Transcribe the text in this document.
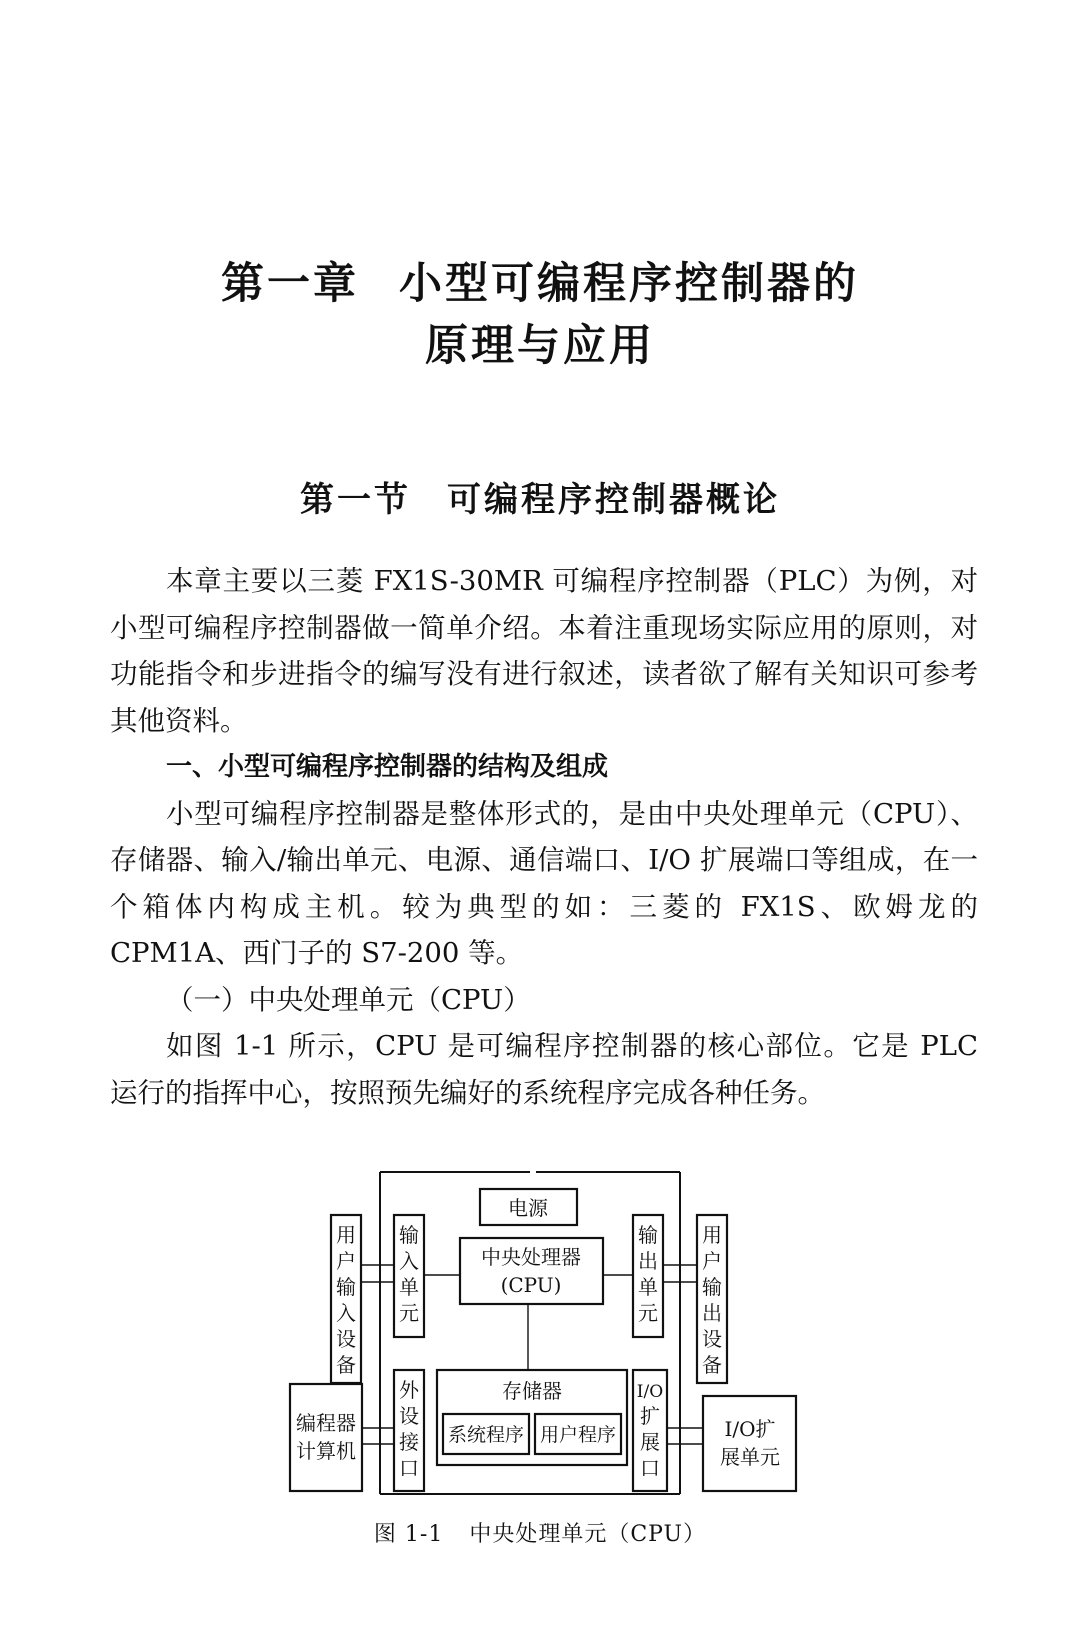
第一章 小型可编程序控制器的
原理与应用
第一节 可编程序控制器概论

本章主要以三菱 FX1S-30MR 可编程序控制器（PLC）为例，对小型可编程序控制器做一简单介绍。本着注重现场实际应用的原则，对功能指令和步进指令的编写没有进行叙述，读者欲了解有关知识可参考其他资料。

一、小型可编程序控制器的结构及组成

小型可编程序控制器是整体形式的，是由中央处理单元（CPU）、存储器、输入/输出单元、电源、通信端口、I/O 扩展端口等组成，在一个箱体内构成主机。较为典型的如：三菱的 FX1S、欧姆龙的 CPM1A、西门子的 S7-200 等。

（一）中央处理单元（CPU）

如图 1-1 所示，CPU 是可编程序控制器的核心部位。它是 PLC 运行的指挥中心，按照预先编好的系统程序完成各种任务。

电源
中央处理器
(CPU)
输
入
单
元
输
出
单
元
用
户
输
入
设
备
用
户
输
出
设
备
存储器
系统程序 用户程序
外
设
接
口
I/O
扩
展
口
编程器
计算机
I/O扩
展单元
图 1-1 中央处理单元（CPU）
